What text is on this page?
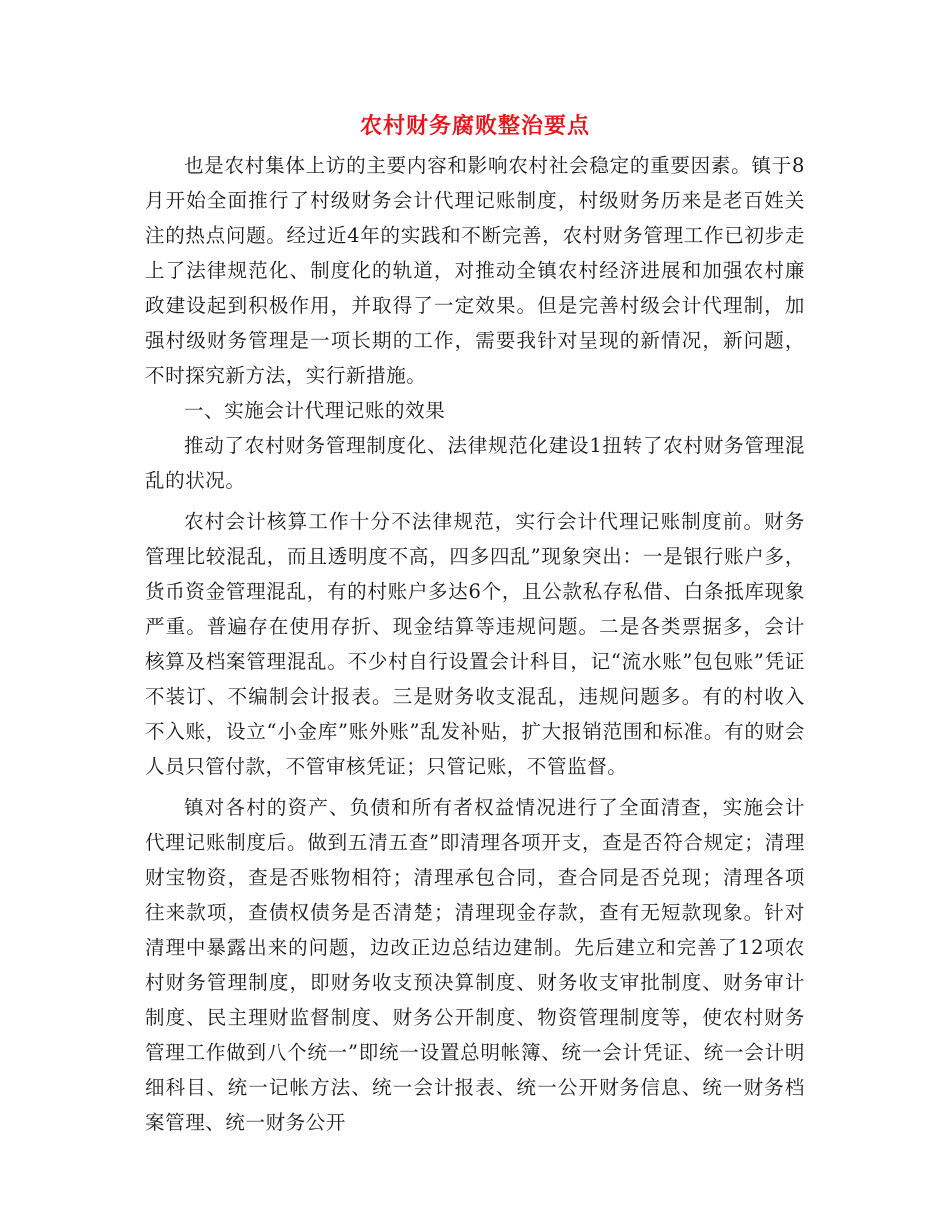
农村财务腐败整治要点

也是农村集体上访的主要内容和影响农村社会稳定的重要因素。镇于8月开始全面推行了村级财务会计代理记账制度，村级财务历来是老百姓关注的热点问题。经过近4年的实践和不断完善，农村财务管理工作已初步走上了法律规范化、制度化的轨道，对推动全镇农村经济进展和加强农村廉政建设起到积极作用，并取得了一定效果。但是完善村级会计代理制，加强村级财务管理是一项长期的工作，需要我针对呈现的新情况，新问题，不时探究新方法，实行新措施。

一、实施会计代理记账的效果

推动了农村财务管理制度化、法律规范化建设1扭转了农村财务管理混乱的状况。

农村会计核算工作十分不法律规范，实行会计代理记账制度前。财务管理比较混乱，而且透明度不高，四多四乱”现象突出：一是银行账户多，货币资金管理混乱，有的村账户多达6个，且公款私存私借、白条抵库现象严重。普遍存在使用存折、现金结算等违规问题。二是各类票据多，会计核算及档案管理混乱。不少村自行设置会计科目，记“流水账”包包账”凭证不装订、不编制会计报表。三是财务收支混乱，违规问题多。有的村收入不入账，设立“小金库”账外账”乱发补贴，扩大报销范围和标准。有的财会人员只管付款，不管审核凭证；只管记账，不管监督。

镇对各村的资产、负债和所有者权益情况进行了全面清查，实施会计代理记账制度后。做到五清五查”即清理各项开支，查是否符合规定；清理财宝物资，查是否账物相符；清理承包合同，查合同是否兑现；清理各项往来款项，查债权债务是否清楚；清理现金存款，查有无短款现象。针对清理中暴露出来的问题，边改正边总结边建制。先后建立和完善了12项农村财务管理制度，即财务收支预决算制度、财务收支审批制度、财务审计制度、民主理财监督制度、财务公开制度、物资管理制度等，使农村财务管理工作做到八个统一”即统一设置总明帐簿、统一会计凭证、统一会计明细科目、统一记帐方法、统一会计报表、统一公开财务信息、统一财务档案管理、统一财务公开
